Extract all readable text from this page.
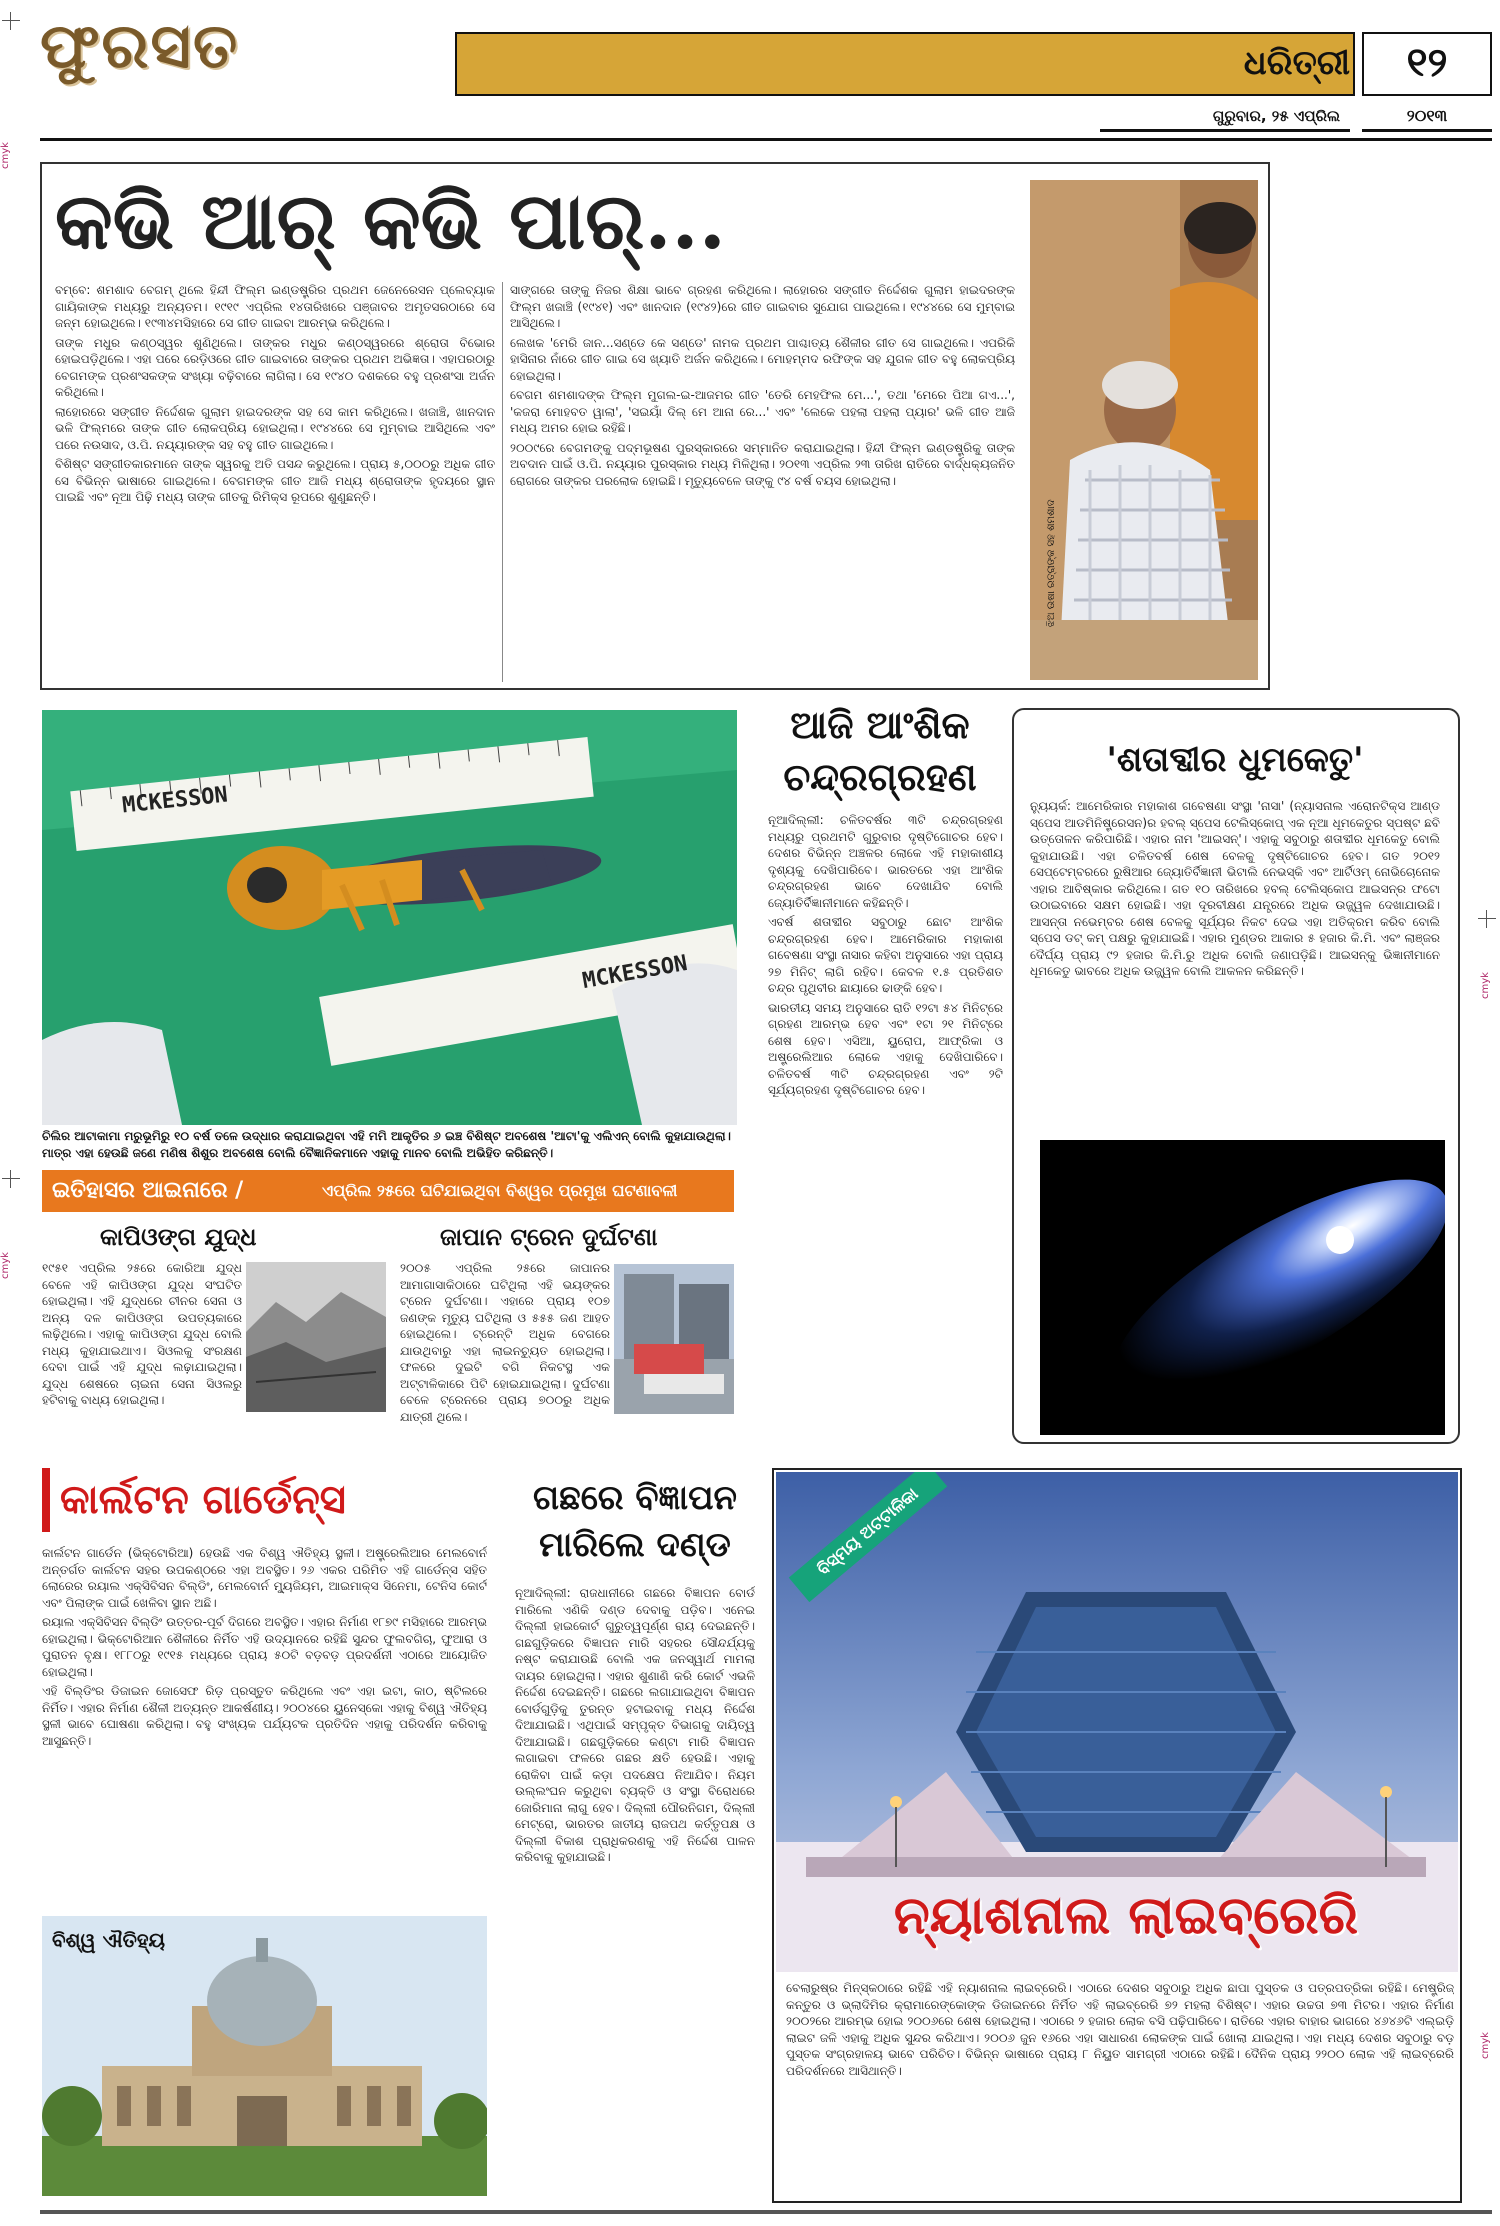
ଫୁରସତ	ଧରିତ୍ରୀ	୧୨
ଗୁରୁବାର, ୨୫ ଏପ୍ରିଲ	୨୦୧୩
cmyk
cmyk
cmyk
cmyk
କଭି ଆର୍ କଭି ପାର୍...

ବମ୍ବେ: ଶମଶାଦ ବେଗମ୍ ଥିଲେ ହିନ୍ଦୀ ଫିଲ୍ମ ଇଣ୍ଡଷ୍ଟ୍ରିର ପ୍ରଥମ ଜେନେରେସନ ପ୍ଲେବ୍ୟାକ ଗାୟିକାଙ୍କ ମଧ୍ୟରୁ ଅନ୍ୟତମ। ୧୯୧୯ ଏପ୍ରିଲ ୧୪ତାରିଖରେ ପଞ୍ଜାବର ଅମୃତସରଠାରେ ସେ ଜନ୍ମ ହୋଇଥିଲେ। ୧୯୩୪ମସିହାରେ ସେ ଗୀତ ଗାଇବା ଆରମ୍ଭ କରିଥିଲେ।

ତାଙ୍କ ମଧୁର କଣ୍ଠସ୍ୱର ଶୁଣିଥିଲେ। ତାଙ୍କର ମଧୁର କଣ୍ଠସ୍ୱରରେ ଶ୍ରୋତା ବିଭୋର ହୋଇପଡ଼ିଥିଲେ। ଏହା ପରେ ରେଡ଼ିଓରେ ଗୀତ ଗାଇବାରେ ତାଙ୍କର ପ୍ରଥମ ଅଭିଜ୍ଞତା। ଏହାପରଠାରୁ ବେଗମଙ୍କ ପ୍ରଶଂସକଙ୍କ ସଂଖ୍ୟା ବଢ଼ିବାରେ ଲାଗିଲା। ସେ ୧୯୪୦ ଦଶକରେ ବହୁ ପ୍ରଶଂସା ଅର୍ଜନ କରିଥିଲେ।

ଲାହୋରରେ ସଙ୍ଗୀତ ନିର୍ଦ୍ଦେଶକ ଗୁଲାମ ହାଇଦରଙ୍କ ସହ ସେ କାମ କରିଥିଲେ। ଖଜାଞ୍ଚି, ଖାନଦାନ ଭଳି ଫିଲ୍ମରେ ତାଙ୍କ ଗୀତ ଲୋକପ୍ରିୟ ହୋଇଥିଲା। ୧୯୪୪ରେ ସେ ମୁମ୍ବାଇ ଆସିଥିଲେ ଏବଂ ପରେ ନଉସାଦ, ଓ.ପି. ନୟ୍ୟାରଙ୍କ ସହ ବହୁ ଗୀତ ଗାଇଥିଲେ।

ବିଶିଷ୍ଟ ସଙ୍ଗୀତକାରମାନେ ତାଙ୍କ ସ୍ୱରକୁ ଅତି ପସନ୍ଦ କରୁଥିଲେ। ପ୍ରାୟ ୫,୦୦୦ରୁ ଅଧିକ ଗୀତ ସେ ବିଭିନ୍ନ ଭାଷାରେ ଗାଇଥିଲେ। ବେଗମଙ୍କ ଗୀତ ଆଜି ମଧ୍ୟ ଶ୍ରୋତାଙ୍କ ହୃଦୟରେ ସ୍ଥାନ ପାଇଛି ଏବଂ ନୂଆ ପିଢ଼ି ମଧ୍ୟ ତାଙ୍କ ଗୀତକୁ ରିମିକ୍ସ ରୂପରେ ଶୁଣୁଛନ୍ତି।

ସାଙ୍ଗରେ ତାଙ୍କୁ ନିଜର ଶିକ୍ଷା ଭାବେ ଗ୍ରହଣ କରିଥିଲେ। ଲାହୋରର ସଙ୍ଗୀତ ନିର୍ଦ୍ଦେଶକ ଗୁଲାମ ହାଇଦରଙ୍କ ଫିଲ୍ମ ଖଜାଞ୍ଚି (୧୯୪୧) ଏବଂ ଖାନଦାନ (୧୯୪୨)ରେ ଗୀତ ଗାଇବାର ସୁଯୋଗ ପାଇଥିଲେ। ୧୯୪୪ରେ ସେ ମୁମ୍ବାଇ ଆସିଥିଲେ।

ଲେଖକ 'ମେରି ଜାନ...ସଣ୍ଡେ କେ ସଣ୍ଡେ' ନାମକ ପ୍ରଥମ ପାଶ୍ଚାତ୍ୟ ଶୈଳୀର ଗୀତ ସେ ଗାଇଥିଲେ। ଏପରିକି ହାସିନାର ନାଁରେ ଗୀତ ଗାଇ ସେ ଖ୍ୟାତି ଅର୍ଜନ କରିଥିଲେ। ମୋହମ୍ମଦ ରଫିଙ୍କ ସହ ଯୁଗଳ ଗୀତ ବହୁ ଲୋକପ୍ରିୟ ହୋଇଥିଲା।

ବେଗମ ଶମଶାଦଙ୍କ ଫିଲ୍ମ ମୁଗଲ-ଇ-ଆଜମର ଗୀତ 'ତେରି ମେହଫିଲ ମେ...', ତଥା 'ମେରେ ପିଆ ଗଏ...', 'କଜରା ମୋହବତ ୱାଲା', 'ସଇୟାଁ ଦିଲ୍ ମେ ଆନା ରେ...' ଏବଂ 'ଲେକେ ପହଲା ପହଲା ପ୍ୟାର' ଭଳି ଗୀତ ଆଜି ମଧ୍ୟ ଅମର ହୋଇ ରହିଛି।

୨୦୦୯ରେ ବେଗମଙ୍କୁ ପଦ୍ମଭୂଷଣ ପୁରସ୍କାରରେ ସମ୍ମାନିତ କରାଯାଇଥିଲା। ହିନ୍ଦୀ ଫିଲ୍ମ ଇଣ୍ଡଷ୍ଟ୍ରିକୁ ତାଙ୍କ ଅବଦାନ ପାଇଁ ଓ.ପି. ନୟ୍ୟାର ପୁରସ୍କାର ମଧ୍ୟ ମିଳିଥିଲା। ୨୦୧୩ ଏପ୍ରିଲ ୨୩ ତାରିଖ ରାତିରେ ବାର୍ଦ୍ଧକ୍ୟଜନିତ ରୋଗରେ ତାଙ୍କର ପରଲୋକ ହୋଇଛି। ମୃତ୍ୟୁବେଳେ ତାଙ୍କୁ ୯୪ ବର୍ଷ ବୟସ ହୋଇଥିଲା।

ଝିଅ ଉଷା ରତ୍ରାଙ୍କ ସହ ଶମଶାଦ
MCKESSON
MCKESSON
ଚିଲିର ଆଟାକାମା ମରୁଭୂମିରୁ ୧୦ ବର୍ଷ ତଳେ ଉଦ୍ଧାର କରାଯାଇଥିବା ଏହି ମମି ଆକୃତିର ୬ ଇଞ୍ଚ ବିଶିଷ୍ଟ ଅବଶେଷ 'ଆଟା'କୁ ଏଲିଏନ୍ ବୋଲି କୁହାଯାଉଥିଲା। ମାତ୍ର ଏହା ହେଉଛି ଜଣେ ମଣିଷ ଶିଶୁର ଅବଶେଷ ବୋଲି ବୈଜ୍ଞାନିକମାନେ ଏହାକୁ ମାନବ ବୋଲି ଅଭିହିତ କରିଛନ୍ତି।
ଇତିହାସର ଆଇନାରେ /	ଏପ୍ରିଲ ୨୫ରେ ଘଟିଯାଇଥିବା ବିଶ୍ୱର ପ୍ରମୁଖ ଘଟଣାବଳୀ
କାପିଓଙ୍ଗ ଯୁଦ୍ଧ
୧୯୫୧ ଏପ୍ରିଲ ୨୫ରେ କୋରିଆ ଯୁଦ୍ଧ ବେଳେ ଏହି କାପିଓଙ୍ଗ ଯୁଦ୍ଧ ସଂଘଟିତ ହୋଇଥିଲା। ଏହି ଯୁଦ୍ଧରେ ଚୀନର ସେନା ଓ ଅନ୍ୟ ଦଳ କାପିଓଙ୍ଗ ଉପତ୍ୟକାରେ ଲଢ଼ିଥିଲେ। ଏହାକୁ କାପିଓଙ୍ଗ ଯୁଦ୍ଧ ବୋଲି ମଧ୍ୟ କୁହାଯାଇଥାଏ। ସିଓଲକୁ ସଂରକ୍ଷଣ ଦେବା ପାଇଁ ଏହି ଯୁଦ୍ଧ ଲଢ଼ାଯାଇଥିଲା। ଯୁଦ୍ଧ ଶେଷରେ ଚାଇନା ସେନା ସିଓଲରୁ ହଟିବାକୁ ବାଧ୍ୟ ହୋଇଥିଲା।
ଜାପାନ ଟ୍ରେନ ଦୁର୍ଘଟଣା
୨୦୦୫ ଏପ୍ରିଲ ୨୫ରେ ଜାପାନର ଆମାଗାସାକିଠାରେ ଘଟିଥିଲା ଏହି ଭୟଙ୍କର ଟ୍ରେନ ଦୁର୍ଘଟଣା। ଏହାରେ ପ୍ରାୟ ୧୦୭ ଜଣଙ୍କ ମୃତ୍ୟୁ ଘଟିଥିଲା ଓ ୫୫୫ ଜଣ ଆହତ ହୋଇଥିଲେ। ଟ୍ରେନ୍ଟି ଅଧିକ ବେଗରେ ଯାଉଥିବାରୁ ଏହା ଲାଇନଚ୍ୟୁତ ହୋଇଥିଲା। ଫଳରେ ଦୁଇଟି ବଗି ନିକଟସ୍ଥ ଏକ ଅଟ୍ଟାଳିକାରେ ପିଟି ହୋଇଯାଇଥିଲା। ଦୁର୍ଘଟଣା ବେଳେ ଟ୍ରେନରେ ପ୍ରାୟ ୭୦୦ରୁ ଅଧିକ ଯାତ୍ରୀ ଥିଲେ।
ଆଜି ଆଂଶିକ
ଚନ୍ଦ୍ରଗ୍ରହଣ

ନୂଆଦିଲ୍ଲୀ: ଚଳିତବର୍ଷର ୩ଟି ଚନ୍ଦ୍ରଗ୍ରହଣ ମଧ୍ୟରୁ ପ୍ରଥମଟି ଗୁରୁବାର ଦୃଷ୍ଟିଗୋଚର ହେବ। ଦେଶର ବିଭିନ୍ନ ଅଞ୍ଚଳର ଲୋକେ ଏହି ମହାକାଶୀୟ ଦୃଶ୍ୟକୁ ଦେଖିପାରିବେ। ଭାରତରେ ଏହା ଆଂଶିକ ଚନ୍ଦ୍ରଗ୍ରହଣ ଭାବେ ଦେଖାଯିବ ବୋଲି ଜ୍ୟୋତିର୍ବିଜ୍ଞାନୀମାନେ କହିଛନ୍ତି।

ଏବର୍ଷ ଶତାବ୍ଦୀର ସବୁଠାରୁ ଛୋଟ ଆଂଶିକ ଚନ୍ଦ୍ରଗ୍ରହଣ ହେବ। ଆମେରିକାର ମହାକାଶ ଗବେଷଣା ସଂସ୍ଥା ନାସାର କହିବା ଅନୁସାରେ ଏହା ପ୍ରାୟ ୨୭ ମିନିଟ୍ ଲାଗି ରହିବ। କେବଳ ୧.୫ ପ୍ରତିଶତ ଚନ୍ଦ୍ର ପୃଥିବୀର ଛାୟାରେ ଢାଙ୍କି ହେବ।

ଭାରତୀୟ ସମୟ ଅନୁସାରେ ରାତି ୧୨ଟା ୫୪ ମିନିଟ୍‌ରେ ଗ୍ରହଣ ଆରମ୍ଭ ହେବ ଏବଂ ୧ଟା ୨୧ ମିନିଟ୍‌ରେ ଶେଷ ହେବ। ଏସିଆ, ୟୁରୋପ, ଆଫ୍ରିକା ଓ ଅଷ୍ଟ୍ରେଲିଆର ଲୋକେ ଏହାକୁ ଦେଖିପାରିବେ। ଚଳିତବର୍ଷ ୩ଟି ଚନ୍ଦ୍ରଗ୍ରହଣ ଏବଂ ୨ଟି ସୂର୍ଯ୍ୟଗ୍ରହଣ ଦୃଷ୍ଟିଗୋଚର ହେବ।

'ଶତାବ୍ଦୀର ଧୁମକେତୁ'
ନ୍ୟୁୟର୍କ: ଆମେରିକାର ମହାକାଶ ଗବେଷଣା ସଂସ୍ଥା 'ନାସା' (ନ୍ୟାସନାଲ ଏରୋନଟିକ୍ସ ଆଣ୍ଡ ସ୍ପେସ ଆଡମିନିଷ୍ଟ୍ରେସନ)ର ହବଲ୍ ସ୍ପେସ ଟେଲିସ୍କୋପ୍ ଏକ ନୂଆ ଧୂମକେତୁର ସ୍ପଷ୍ଟ ଛବି ଉତ୍ତୋଳନ କରିପାରିଛି। ଏହାର ନାମ 'ଆଇସନ୍'। ଏହାକୁ ସବୁଠାରୁ ଶତାବ୍ଦୀର ଧୂମକେତୁ ବୋଲି କୁହାଯାଉଛି। ଏହା ଚଳିତବର୍ଷ ଶେଷ ବେଳକୁ ଦୃଷ୍ଟିଗୋଚର ହେବ। ଗତ ୨୦୧୨ ସେପ୍ଟେମ୍ବରରେ ରୁଷିଆର ଜ୍ୟୋତିର୍ବିଜ୍ଞାନୀ ଭିଟାଲି ନେଭସ୍କି ଏବଂ ଆର୍ଟିଓମ୍ ନୋଭିଚୋନୋକ ଏହାର ଆବିଷ୍କାର କରିଥିଲେ। ଗତ ୧୦ ତାରିଖରେ ହବଲ୍ ଟେଲିସ୍କୋପ ଆଇସନ୍‌ର ଫଟୋ ଉଠାଇବାରେ ସକ୍ଷମ ହୋଇଛି। ଏହା ଦୂରବୀକ୍ଷଣ ଯନ୍ତ୍ରରେ ଅଧିକ ଉଜ୍ଜ୍ୱଳ ଦେଖାଯାଉଛି। ଆସନ୍ତା ନଭେମ୍ବର ଶେଷ ବେଳକୁ ସୂର୍ଯ୍ୟର ନିକଟ ଦେଇ ଏହା ଅତିକ୍ରମ କରିବ ବୋଲି ସ୍ପେସ ଡଟ୍ କମ୍ ପକ୍ଷରୁ କୁହାଯାଇଛି। ଏହାର ମୁଣ୍ଡର ଆକାର ୫ ହଜାର କି.ମି. ଏବଂ ଲାଞ୍ଜର ଦୈର୍ଘ୍ୟ ପ୍ରାୟ ୯୨ ହଜାର କି.ମି.ରୁ ଅଧିକ ବୋଲି ଜଣାପଡ଼ିଛି। ଆଇସନ୍‌କୁ ଭିଜ୍ଞାନୀମାନେ ଧୂମକେତୁ ଭାବରେ ଅଧିକ ଉଜ୍ଜ୍ୱଳ ବୋଲି ଆକଳନ କରିଛନ୍ତି।
କାର୍ଲଟନ ଗାର୍ଡେନ୍ସ

କାର୍ଲଟନ ଗାର୍ଡେନ (ଭିକ୍ଟୋରିଆ) ହେଉଛି ଏକ ବିଶ୍ୱ ଐତିହ୍ୟ ସ୍ଥଳୀ। ଅଷ୍ଟ୍ରେଲିଆର ମେଲବୋର୍ନ ଅନ୍ତର୍ଗତ କାର୍ଲଟନ ସହର ଉପକଣ୍ଠରେ ଏହା ଅବସ୍ଥିତ। ୨୬ ଏକର ପରିମିତ ଏହି ଗାର୍ଡେନ୍ସ ସହିତ ଲୋରେର ରୟାଲ ଏକ୍ସିବିସନ ବିଲ୍ଡିଂ, ମେଲବୋର୍ନ ମ୍ୟୁଜିୟମ, ଆଇମାକ୍ସ ସିନେମା, ଟେନିସ କୋର୍ଟ ଏବଂ ପିଲାଙ୍କ ପାଇଁ ଖେଳିବା ସ୍ଥାନ ଅଛି।

ରୟାଲ ଏକ୍ସିବିସନ ବିଲ୍ଡିଂ ଉତ୍ତର-ପୂର୍ବ ଦିଗରେ ଅବସ୍ଥିତ। ଏହାର ନିର୍ମାଣ ୧୮୭୯ ମସିହାରେ ଆରମ୍ଭ ହୋଇଥିଲା। ଭିକ୍ଟୋରିଆନ ଶୈଳୀରେ ନିର୍ମିତ ଏହି ଉଦ୍ୟାନରେ ରହିଛି ସୁନ୍ଦର ଫୁଲବଗିଚା, ଫୁଆରା ଓ ପୁରାତନ ବୃକ୍ଷ। ୧୮୮୦ରୁ ୧୯୧୫ ମଧ୍ୟରେ ପ୍ରାୟ ୫୦ଟି ବଡ଼ବଡ଼ ପ୍ରଦର୍ଶନୀ ଏଠାରେ ଆୟୋଜିତ ହୋଇଥିଲା।

ଏହି ବିଲ୍ଡିଂର ଡିଜାଇନ ଜୋସେଫ ରିଡ଼ ପ୍ରସ୍ତୁତ କରିଥିଲେ ଏବଂ ଏହା ଇଟା, କାଠ, ଷ୍ଟିଲରେ ନିର୍ମିତ। ଏହାର ନିର୍ମାଣ ଶୈଳୀ ଅତ୍ୟନ୍ତ ଆକର୍ଷଣୀୟ। ୨୦୦୪ରେ ୟୁନେସ୍କୋ ଏହାକୁ ବିଶ୍ୱ ଐତିହ୍ୟ ସ୍ଥଳୀ ଭାବେ ଘୋଷଣା କରିଥିଲା। ବହୁ ସଂଖ୍ୟକ ପର୍ଯ୍ୟଟକ ପ୍ରତିଦିନ ଏହାକୁ ପରିଦର୍ଶନ କରିବାକୁ ଆସୁଛନ୍ତି।

ବିଶ୍ୱ ଐତିହ୍ୟ
ଗଛରେ ବିଜ୍ଞାପନ
ମାରିଲେ ଦଣ୍ଡ
ନୂଆଦିଲ୍ଲୀ: ରାଜଧାନୀରେ ଗଛରେ ବିଜ୍ଞାପନ ବୋର୍ଡ ମାରିଲେ ଏଣିକି ଦଣ୍ଡ ଦେବାକୁ ପଡ଼ିବ। ଏନେଇ ଦିଲ୍ଲୀ ହାଇକୋର୍ଟ ଗୁରୁତ୍ୱପୂର୍ଣ୍ଣ ରାୟ ଦେଇଛନ୍ତି। ଗଛଗୁଡ଼ିକରେ ବିଜ୍ଞାପନ ମାରି ସହରର ସୌନ୍ଦର୍ଯ୍ୟକୁ ନଷ୍ଟ କରାଯାଉଛି ବୋଲି ଏକ ଜନସ୍ୱାର୍ଥ ମାମଲା ଦାୟର ହୋଇଥିଲା। ଏହାର ଶୁଣାଣି କରି କୋର୍ଟ ଏଭଳି ନିର୍ଦ୍ଦେଶ ଦେଇଛନ୍ତି। ଗଛରେ ଲଗାଯାଇଥିବା ବିଜ୍ଞାପନ ବୋର୍ଡଗୁଡ଼ିକୁ ତୁରନ୍ତ ହଟାଇବାକୁ ମଧ୍ୟ ନିର୍ଦ୍ଦେଶ ଦିଆଯାଇଛି। ଏଥିପାଇଁ ସମ୍ପୃକ୍ତ ବିଭାଗକୁ ଦାୟିତ୍ୱ ଦିଆଯାଇଛି। ଗଛଗୁଡ଼ିକରେ କଣ୍ଟା ମାରି ବିଜ୍ଞାପନ ଲଗାଇବା ଫଳରେ ଗଛର କ୍ଷତି ହେଉଛି। ଏହାକୁ ରୋକିବା ପାଇଁ କଡ଼ା ପଦକ୍ଷେପ ନିଆଯିବ। ନିୟମ ଉଲ୍ଲଂଘନ କରୁଥିବା ବ୍ୟକ୍ତି ଓ ସଂସ୍ଥା ବିରୋଧରେ ଜୋରିମାନା ଲାଗୁ ହେବ। ଦିଲ୍ଲୀ ପୌରନିଗମ, ଦିଲ୍ଲୀ ମେଟ୍ରୋ, ଭାରତର ଜାତୀୟ ରାଜପଥ କର୍ତ୍ତୃପକ୍ଷ ଓ ଦିଲ୍ଲୀ ବିକାଶ ପ୍ରାଧିକରଣକୁ ଏହି ନିର୍ଦ୍ଦେଶ ପାଳନ କରିବାକୁ କୁହାଯାଇଛି।
ବିସ୍ମୟ ଅଟ୍ଟାଳିକା
ନ୍ୟାଶନାଲ ଲାଇବ୍ରେରି
ବେଲାରୁଷ୍‌ର ମିନ୍‌ସ୍କଠାରେ ରହିଛି ଏହି ନ୍ୟାଶନାଲ ଲାଇବ୍ରେରି। ଏଠାରେ ଦେଶର ସବୁଠାରୁ ଅଧିକ ଛାପା ପୁସ୍ତକ ଓ ପତ୍ରପତ୍ରିକା ରହିଛି। ମେଷ୍ଟ୍ରିଜ୍ କନ୍ତୁର ଓ ଭ୍ଲାଦିମିର କ୍ରାମାରେଙ୍କୋଙ୍କ ଡିଜାଇନରେ ନିର୍ମିତ ଏହି ଲାଇବ୍ରେରି ୭୨ ମହଲା ବିଶିଷ୍ଟ। ଏହାର ଉଚ୍ଚତା ୭୩ ମିଟର। ଏହାର ନିର୍ମାଣ ୨୦୦୨ରେ ଆରମ୍ଭ ହୋଇ ୨୦୦୬ରେ ଶେଷ ହୋଇଥିଲା। ଏଠାରେ ୨ ହଜାର ଲୋକ ବସି ପଢ଼ିପାରିବେ। ରାତିରେ ଏହାର ବାହାର ଭାଗରେ ୪୬୪୬ଟି ଏଲ୍‌ଇଡ଼ି ଲାଇଟ ଜଳି ଏହାକୁ ଅଧିକ ସୁନ୍ଦର କରିଥାଏ। ୨୦୦୬ ଜୁନ ୧୬ରେ ଏହା ସାଧାରଣ ଲୋକଙ୍କ ପାଇଁ ଖୋଲା ଯାଇଥିଲା। ଏହା ମଧ୍ୟ ଦେଶର ସବୁଠାରୁ ବଡ଼ ପୁସ୍ତକ ସଂଗ୍ରହାଳୟ ଭାବେ ପରିଚିତ। ବିଭିନ୍ନ ଭାଷାରେ ପ୍ରାୟ ୮ ନିୟୁତ ସାମଗ୍ରୀ ଏଠାରେ ରହିଛି। ଦୈନିକ ପ୍ରାୟ ୨୨୦୦ ଲୋକ ଏହି ଲାଇବ୍ରେରି ପରିଦର୍ଶନରେ ଆସିଥାନ୍ତି।
